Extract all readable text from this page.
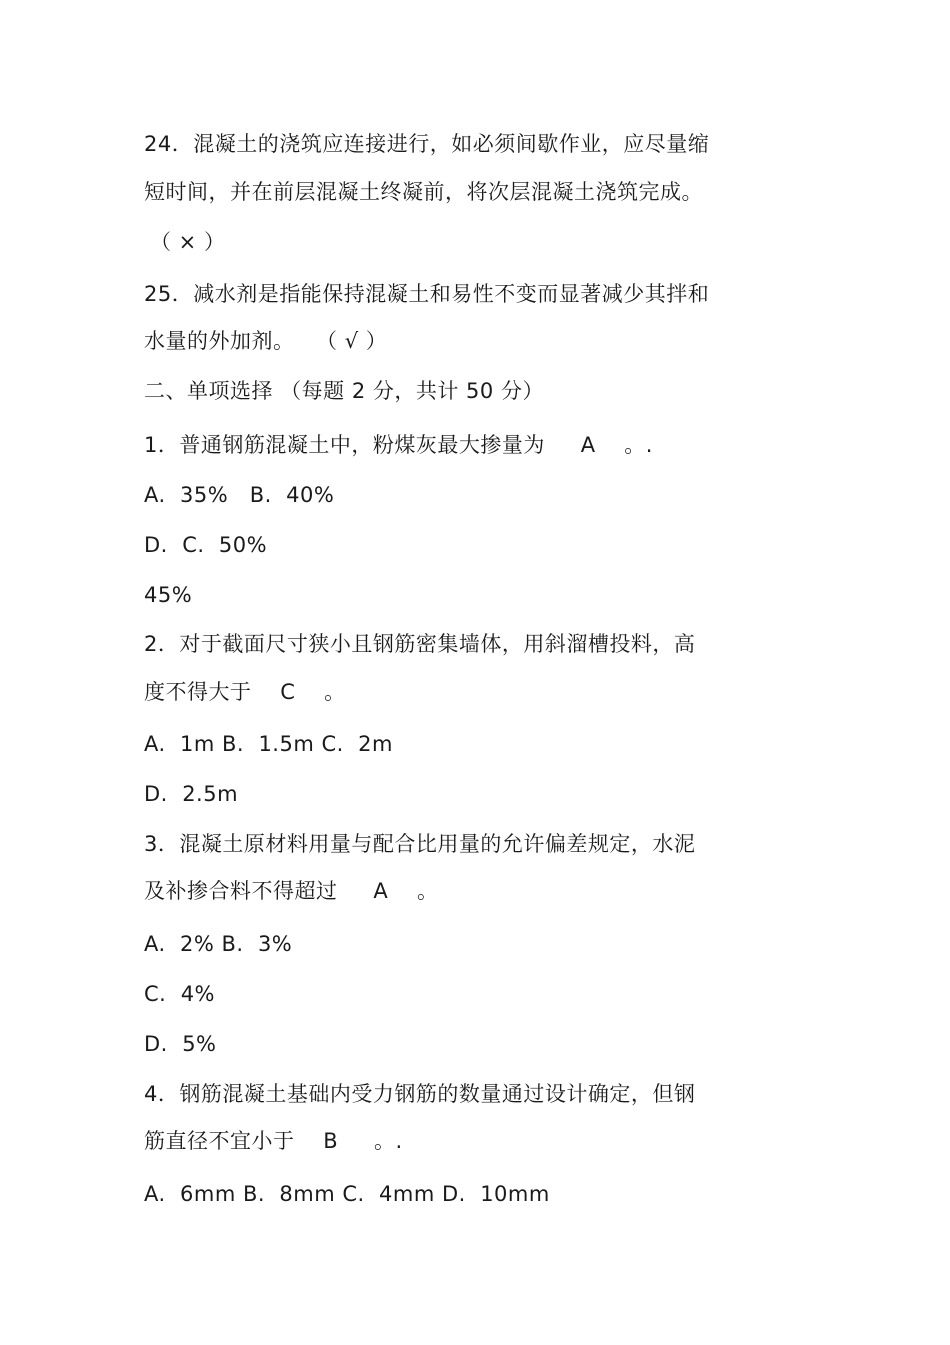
24．混凝土的浇筑应连接进行，如必须间歇作业，应尽量缩
短时间，并在前层混凝土终凝前，将次层混凝土浇筑完成。
（ × ）
25．减水剂是指能保持混凝土和易性不变而显著减少其拌和
水量的外加剂。   （ √ ）
二、单项选择 （每题 2 分，共计 50 分）
1．普通钢筋混凝土中，粉煤灰最大掺量为     A    。.
A.  35%   B.  40%
D.  C.  50%
45%
2．对于截面尺寸狭小且钢筋密集墙体，用斜溜槽投料，高
度不得大于    C    。
A.  1m B.  1.5m C.  2m
D.  2.5m
3．混凝土原材料用量与配合比用量的允许偏差规定，水泥
及补掺合料不得超过     A    。
A.  2% B.  3%
C.  4%
D.  5%
4．钢筋混凝土基础内受力钢筋的数量通过设计确定，但钢
筋直径不宜小于    B     。.
A.  6mm B.  8mm C.  4mm D.  10mm
